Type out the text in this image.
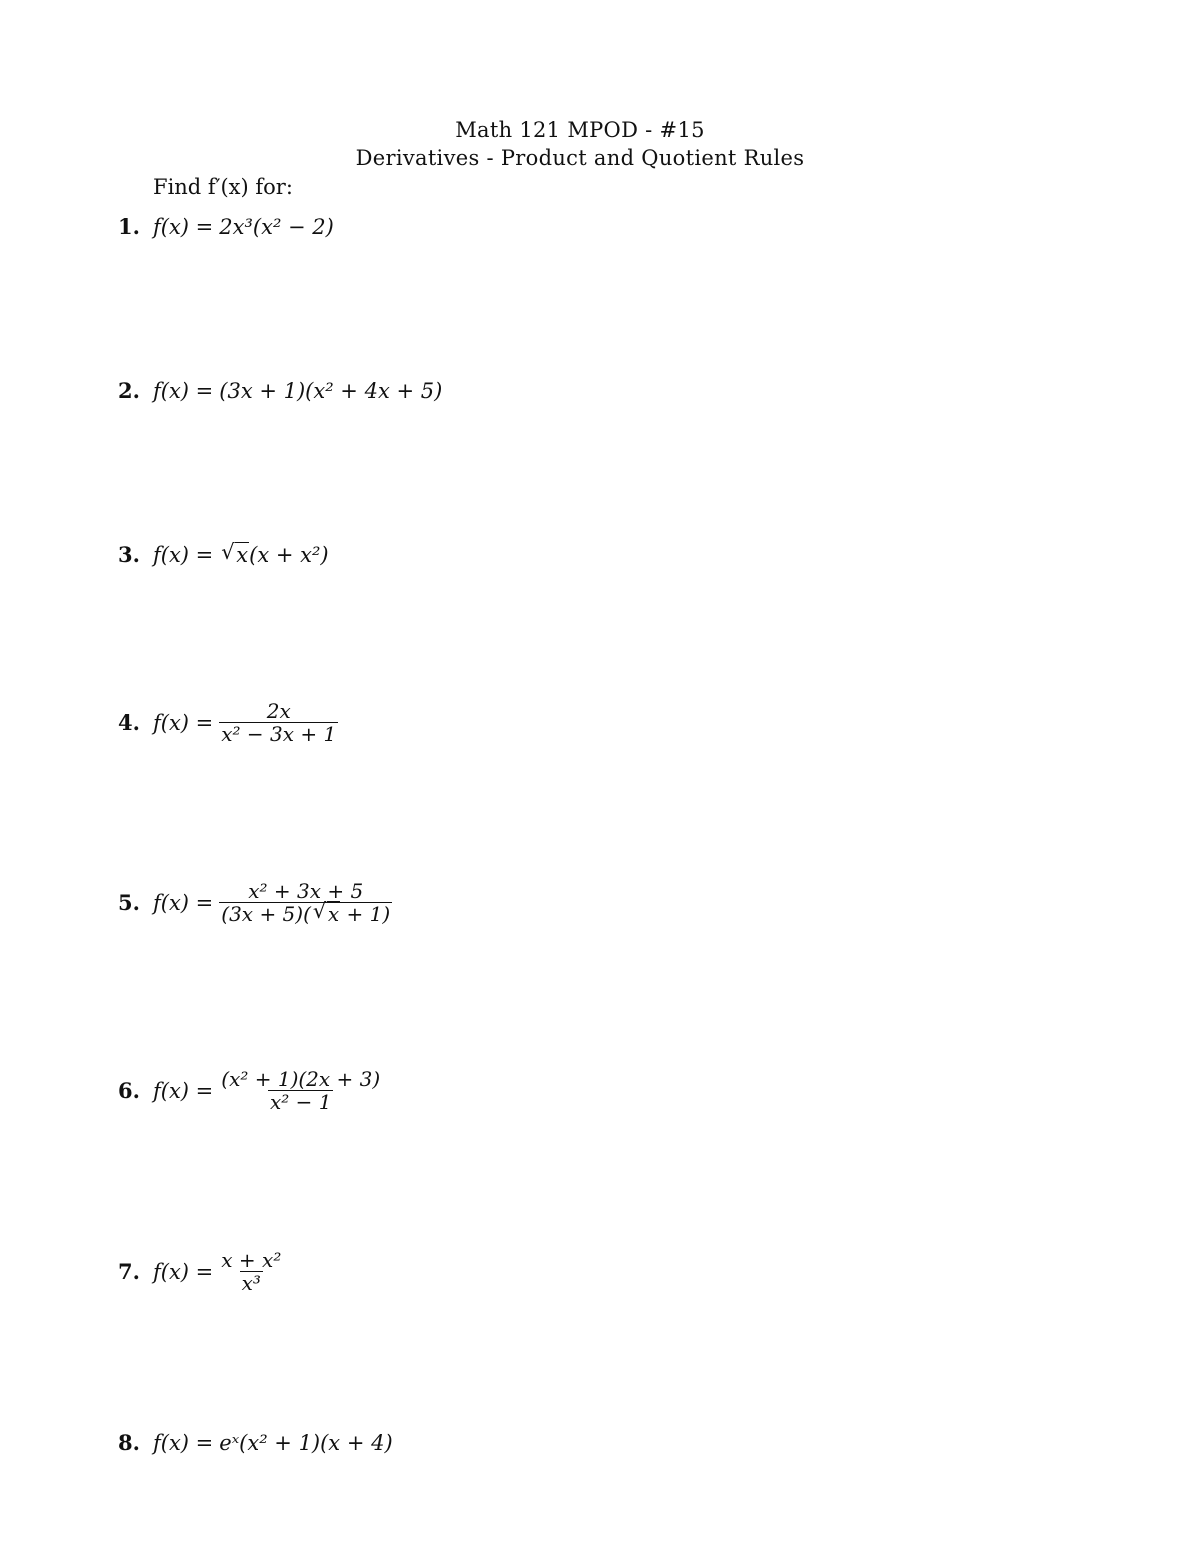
Math 121 MPOD - #15
Derivatives - Product and Quotient Rules
Find f′(x) for:
1. f(x) = 2x³(x² − 2)
2. f(x) = (3x + 1)(x² + 4x + 5)
3. f(x) =	√ x (x + x²)
4. $f(x) = \frac{2x}{\text{x² − 3x + 1}}$
5. $f(x) = \frac{\text{x² + 3x + 5}}{(3x + 5)( √ x + 1)}$
6. $f(x) = \frac{\text{(x² + 1)(2x + 3)}}{\text{x² − 1}}$
7. $f(x) = \frac{\text{x + x²}}{\text{x³}}$
8. f(x) = eˣ(x² + 1)(x + 4)
